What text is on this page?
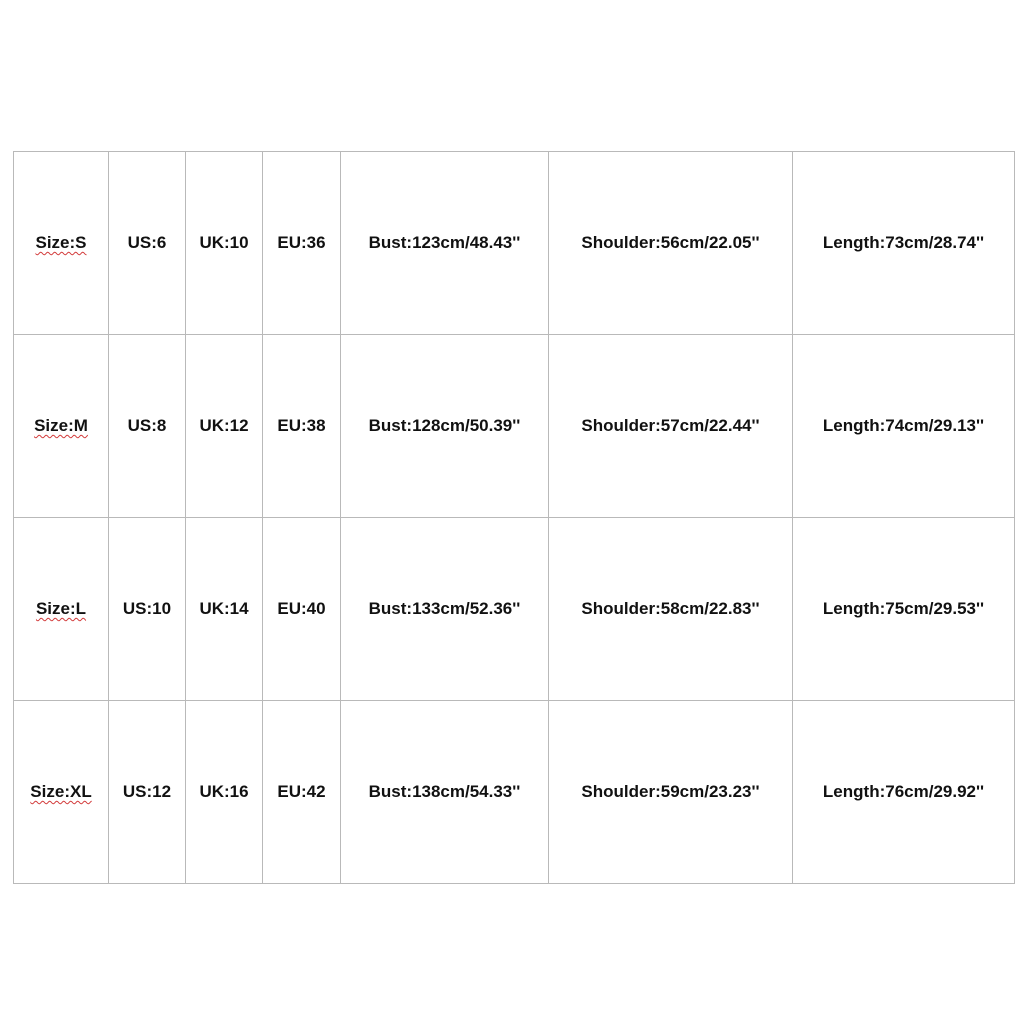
Size:S	US:6	UK:10	EU:36	Bust:123cm/48.43''	Shoulder:56cm/22.05''	Length:73cm/28.74''
Size:M	US:8	UK:12	EU:38	Bust:128cm/50.39''	Shoulder:57cm/22.44''	Length:74cm/29.13''
Size:L	US:10	UK:14	EU:40	Bust:133cm/52.36''	Shoulder:58cm/22.83''	Length:75cm/29.53''
Size:XL	US:12	UK:16	EU:42	Bust:138cm/54.33''	Shoulder:59cm/23.23''	Length:76cm/29.92''
